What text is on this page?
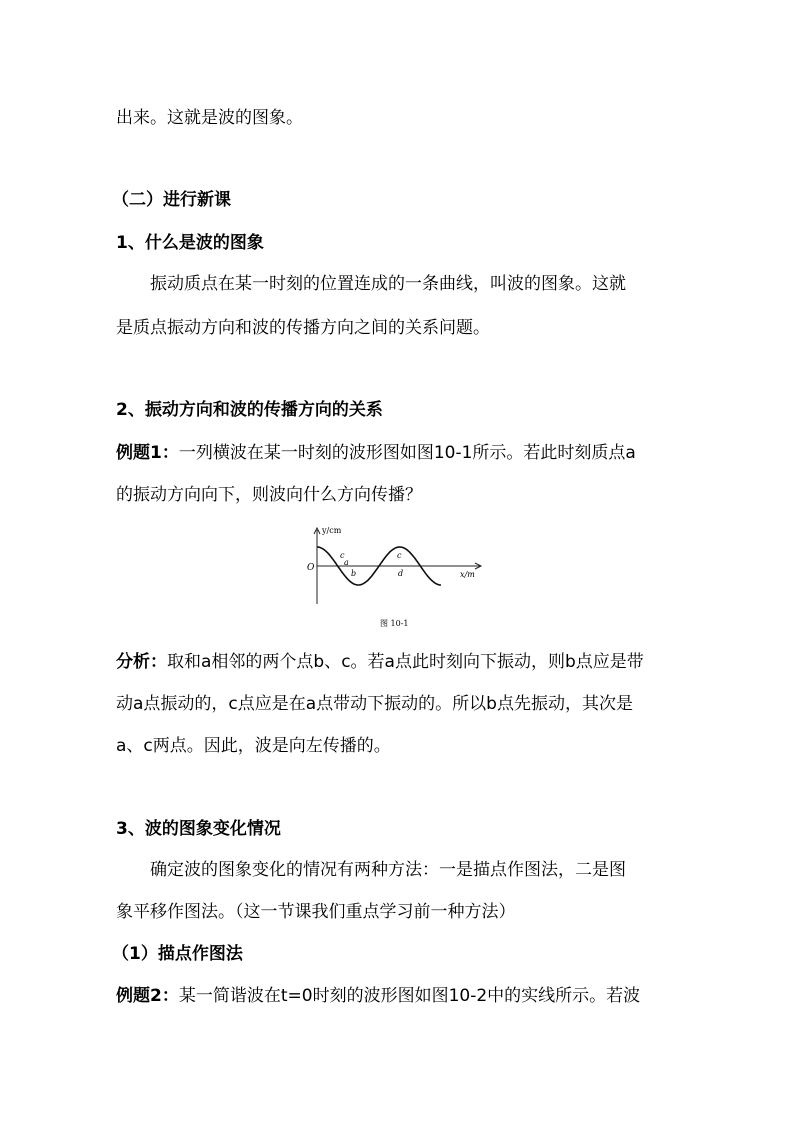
出来。这就是波的图象。
（二）进行新课
1、什么是波的图象
振动质点在某一时刻的位置连成的一条曲线，叫波的图象。这就
是质点振动方向和波的传播方向之间的关系问题。
2、振动方向和波的传播方向的关系
例题1：一列横波在某一时刻的波形图如图10-1所示。若此时刻质点a
的振动方向向下，则波向什么方向传播？
y/cm
x/m
O
c
a
b
c
d
图 10-1
分析：取和a相邻的两个点b、c。若a点此时刻向下振动，则b点应是带
动a点振动的，c点应是在a点带动下振动的。所以b点先振动，其次是
a、c两点。因此，波是向左传播的。
3、波的图象变化情况
确定波的图象变化的情况有两种方法：一是描点作图法，二是图
象平移作图法。（这一节课我们重点学习前一种方法）
（1）描点作图法
例题2：某一简谐波在t=0时刻的波形图如图10-2中的实线所示。若波
